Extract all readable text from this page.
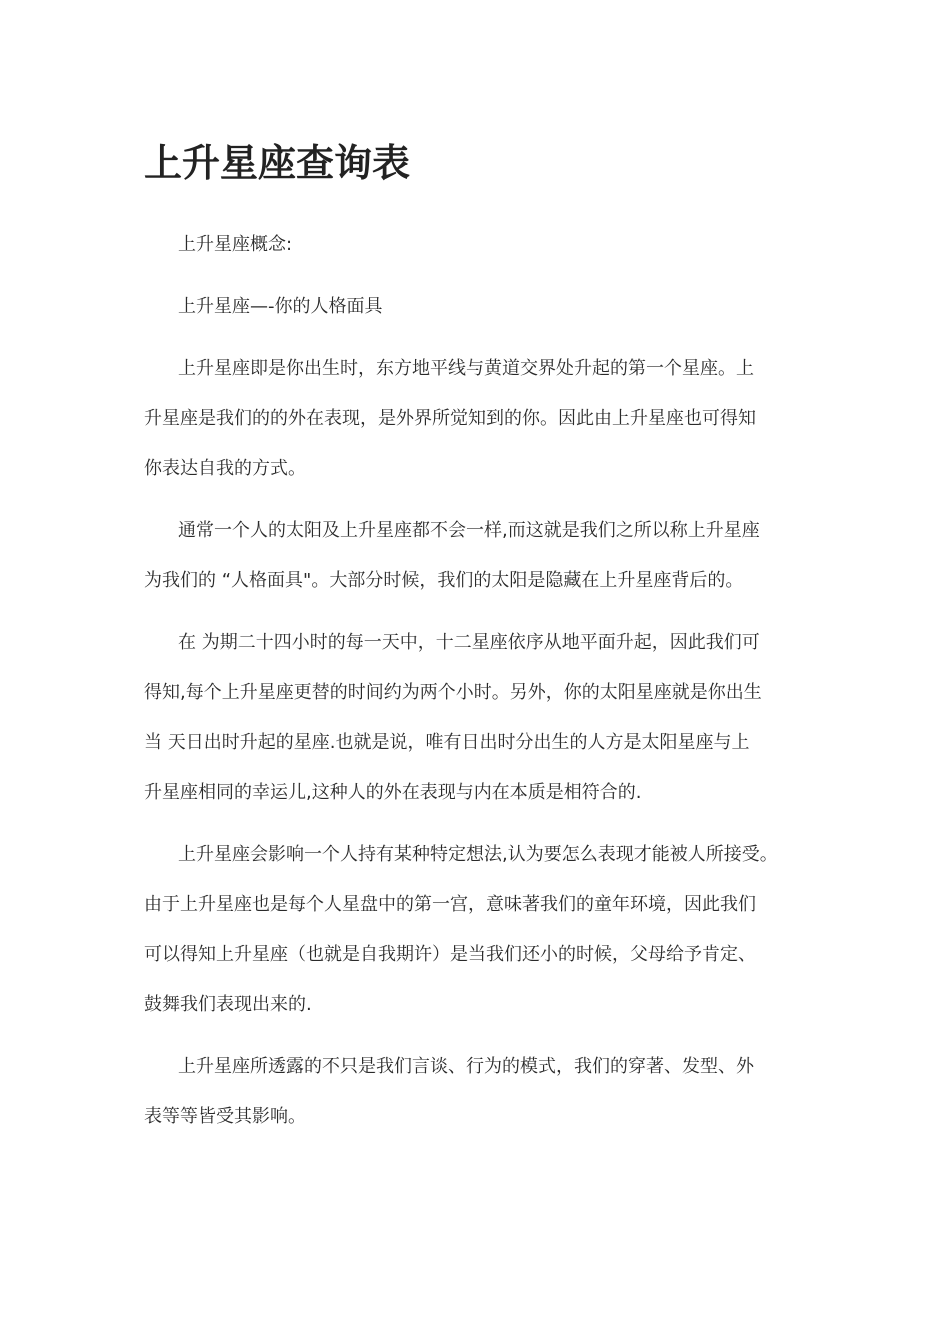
上升星座查询表

上升星座概念:

上升星座—-你的人格面具

上升星座即是你出生时，东方地平线与黄道交界处升起的第一个星座。上
升星座是我们的的外在表现，是外界所觉知到的你。因此由上升星座也可得知
你表达自我的方式。

通常一个人的太阳及上升星座都不会一样,而这就是我们之所以称上升星座
为我们的 “人格面具"。大部分时候，我们的太阳是隐藏在上升星座背后的。

在 为期二十四小时的每一天中，十二星座依序从地平面升起，因此我们可
得知,每个上升星座更替的时间约为两个小时。另外，你的太阳星座就是你出生
当 天日出时升起的星座.也就是说，唯有日出时分出生的人方是太阳星座与上
升星座相同的幸运儿,这种人的外在表现与内在本质是相符合的.

上升星座会影响一个人持有某种特定想法,认为要怎么表现才能被人所接受。
由于上升星座也是每个人星盘中的第一宫，意味著我们的童年环境，因此我们
可以得知上升星座（也就是自我期许）是当我们还小的时候，父母给予肯定、
鼓舞我们表现出来的.

上升星座所透露的不只是我们言谈、行为的模式，我们的穿著、发型、外
表等等皆受其影响。
